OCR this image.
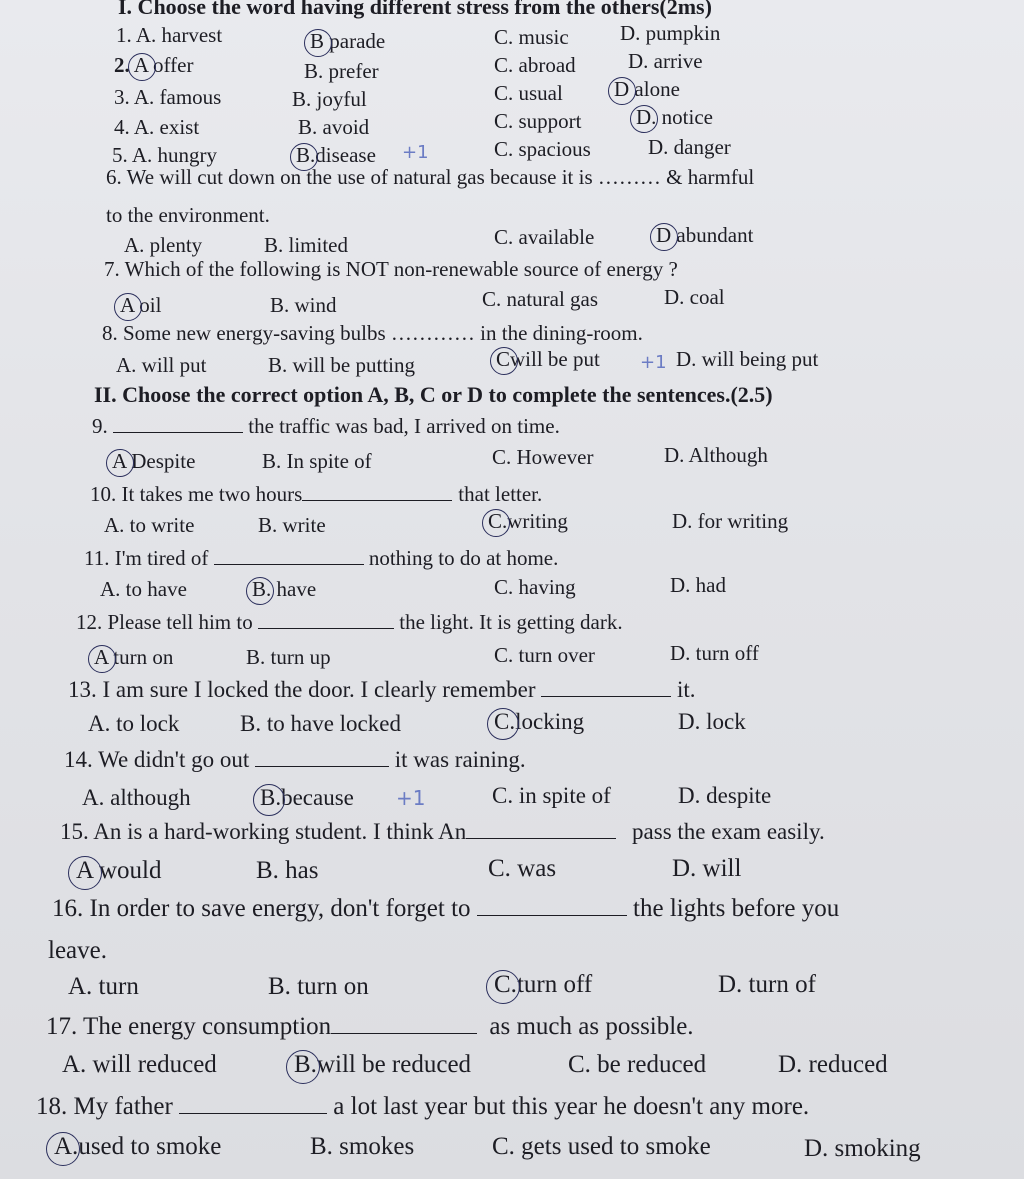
I. Choose the word having different stress from the others(2ms)
1. A. harvest	B parade	C. music D. pumpkin
2. A offer	B. prefer	C. abroad D. arrive
3. A. famous	B. joyful	C. usual D alone
4. A. exist	B. avoid	C. support	D. notice
5. A. hungry	B.disease +1	C. spacious	D. danger
6. We will cut down on the use of natural gas because it is ……… & harmful
to the environment.
A. plenty	B. limited	C. available	D abundant
7. Which of the following is NOT non-renewable source of energy ?
A oil	B. wind	C. natural gas	D. coal
8. Some new energy-saving bulbs ………… in the dining-room.
A. will put	B. will be putting	Cwill be put +1 D. will being put
II. Choose the correct option A, B, C or D to complete the sentences.(2.5)
9.	the traffic was bad, I arrived on time.
A Despite	B. In spite of	C. However	D. Although
10. It takes me two hours	that letter.
A. to write	B. write	C.writing	D. for writing
11. I'm tired of	nothing to do at home.
A. to have	B. have	C. having	D. had
12. Please tell him to	the light. It is getting dark.
A turn on	B. turn up	C. turn over	D. turn off
13. I am sure I locked the door. I clearly remember	it.
A. to lock	B. to have locked	C.locking	D. lock
14. We didn't go out	it was raining.
A. although	B.because +1	C. in spite of	D. despite
15. An is a hard-working student. I think An	pass the exam easily.
A would	B. has	C. was	D. will
16. In order to save energy, don't forget to	the lights before you
leave.
A. turn	B. turn on	C.turn off	D. turn of
17. The energy consumption	as much as possible.
A. will reduced	B.will be reduced	C. be reduced	D. reduced
18. My father	a lot last year but this year he doesn't any more.
A.used to smoke	B. smokes	C. gets used to smoke	D. smoking
